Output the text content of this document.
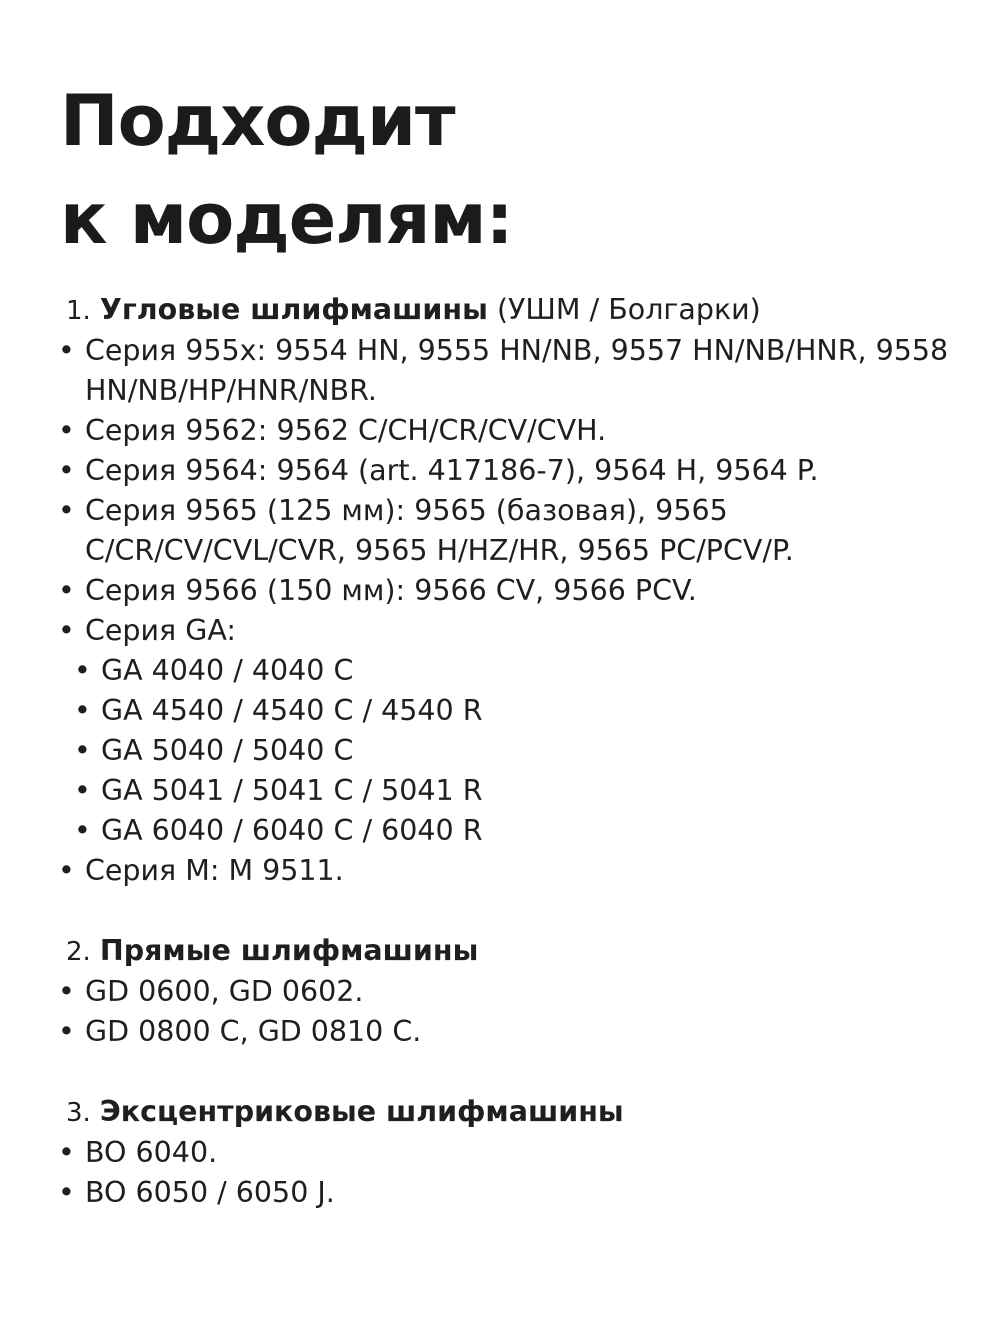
Подходит
к моделям:
1. Угловые шлифмашины (УШМ / Болгарки)
• Серия 955x: 9554 HN, 9555 HN/NB, 9557 HN/NB/HNR, 9558 HN/NB/HP/HNR/NBR.
• Серия 9562: 9562 C/CH/CR/CV/CVH.
• Серия 9564: 9564 (art. 417186-7), 9564 H, 9564 P.
• Серия 9565 (125 мм): 9565 (базовая), 9565 C/CR/CV/CVL/CVR, 9565 H/HZ/HR, 9565 PC/PCV/P.
• Серия 9566 (150 мм): 9566 CV, 9566 PCV.
• Серия GA:
• GA 4040 / 4040 C
• GA 4540 / 4540 C / 4540 R
• GA 5040 / 5040 C
• GA 5041 / 5041 C / 5041 R
• GA 6040 / 6040 C / 6040 R
• Серия M: M 9511.
2. Прямые шлифмашины
• GD 0600, GD 0602.
• GD 0800 C, GD 0810 C.
3. Эксцентриковые шлифмашины
• BO 6040.
• BO 6050 / 6050 J.
